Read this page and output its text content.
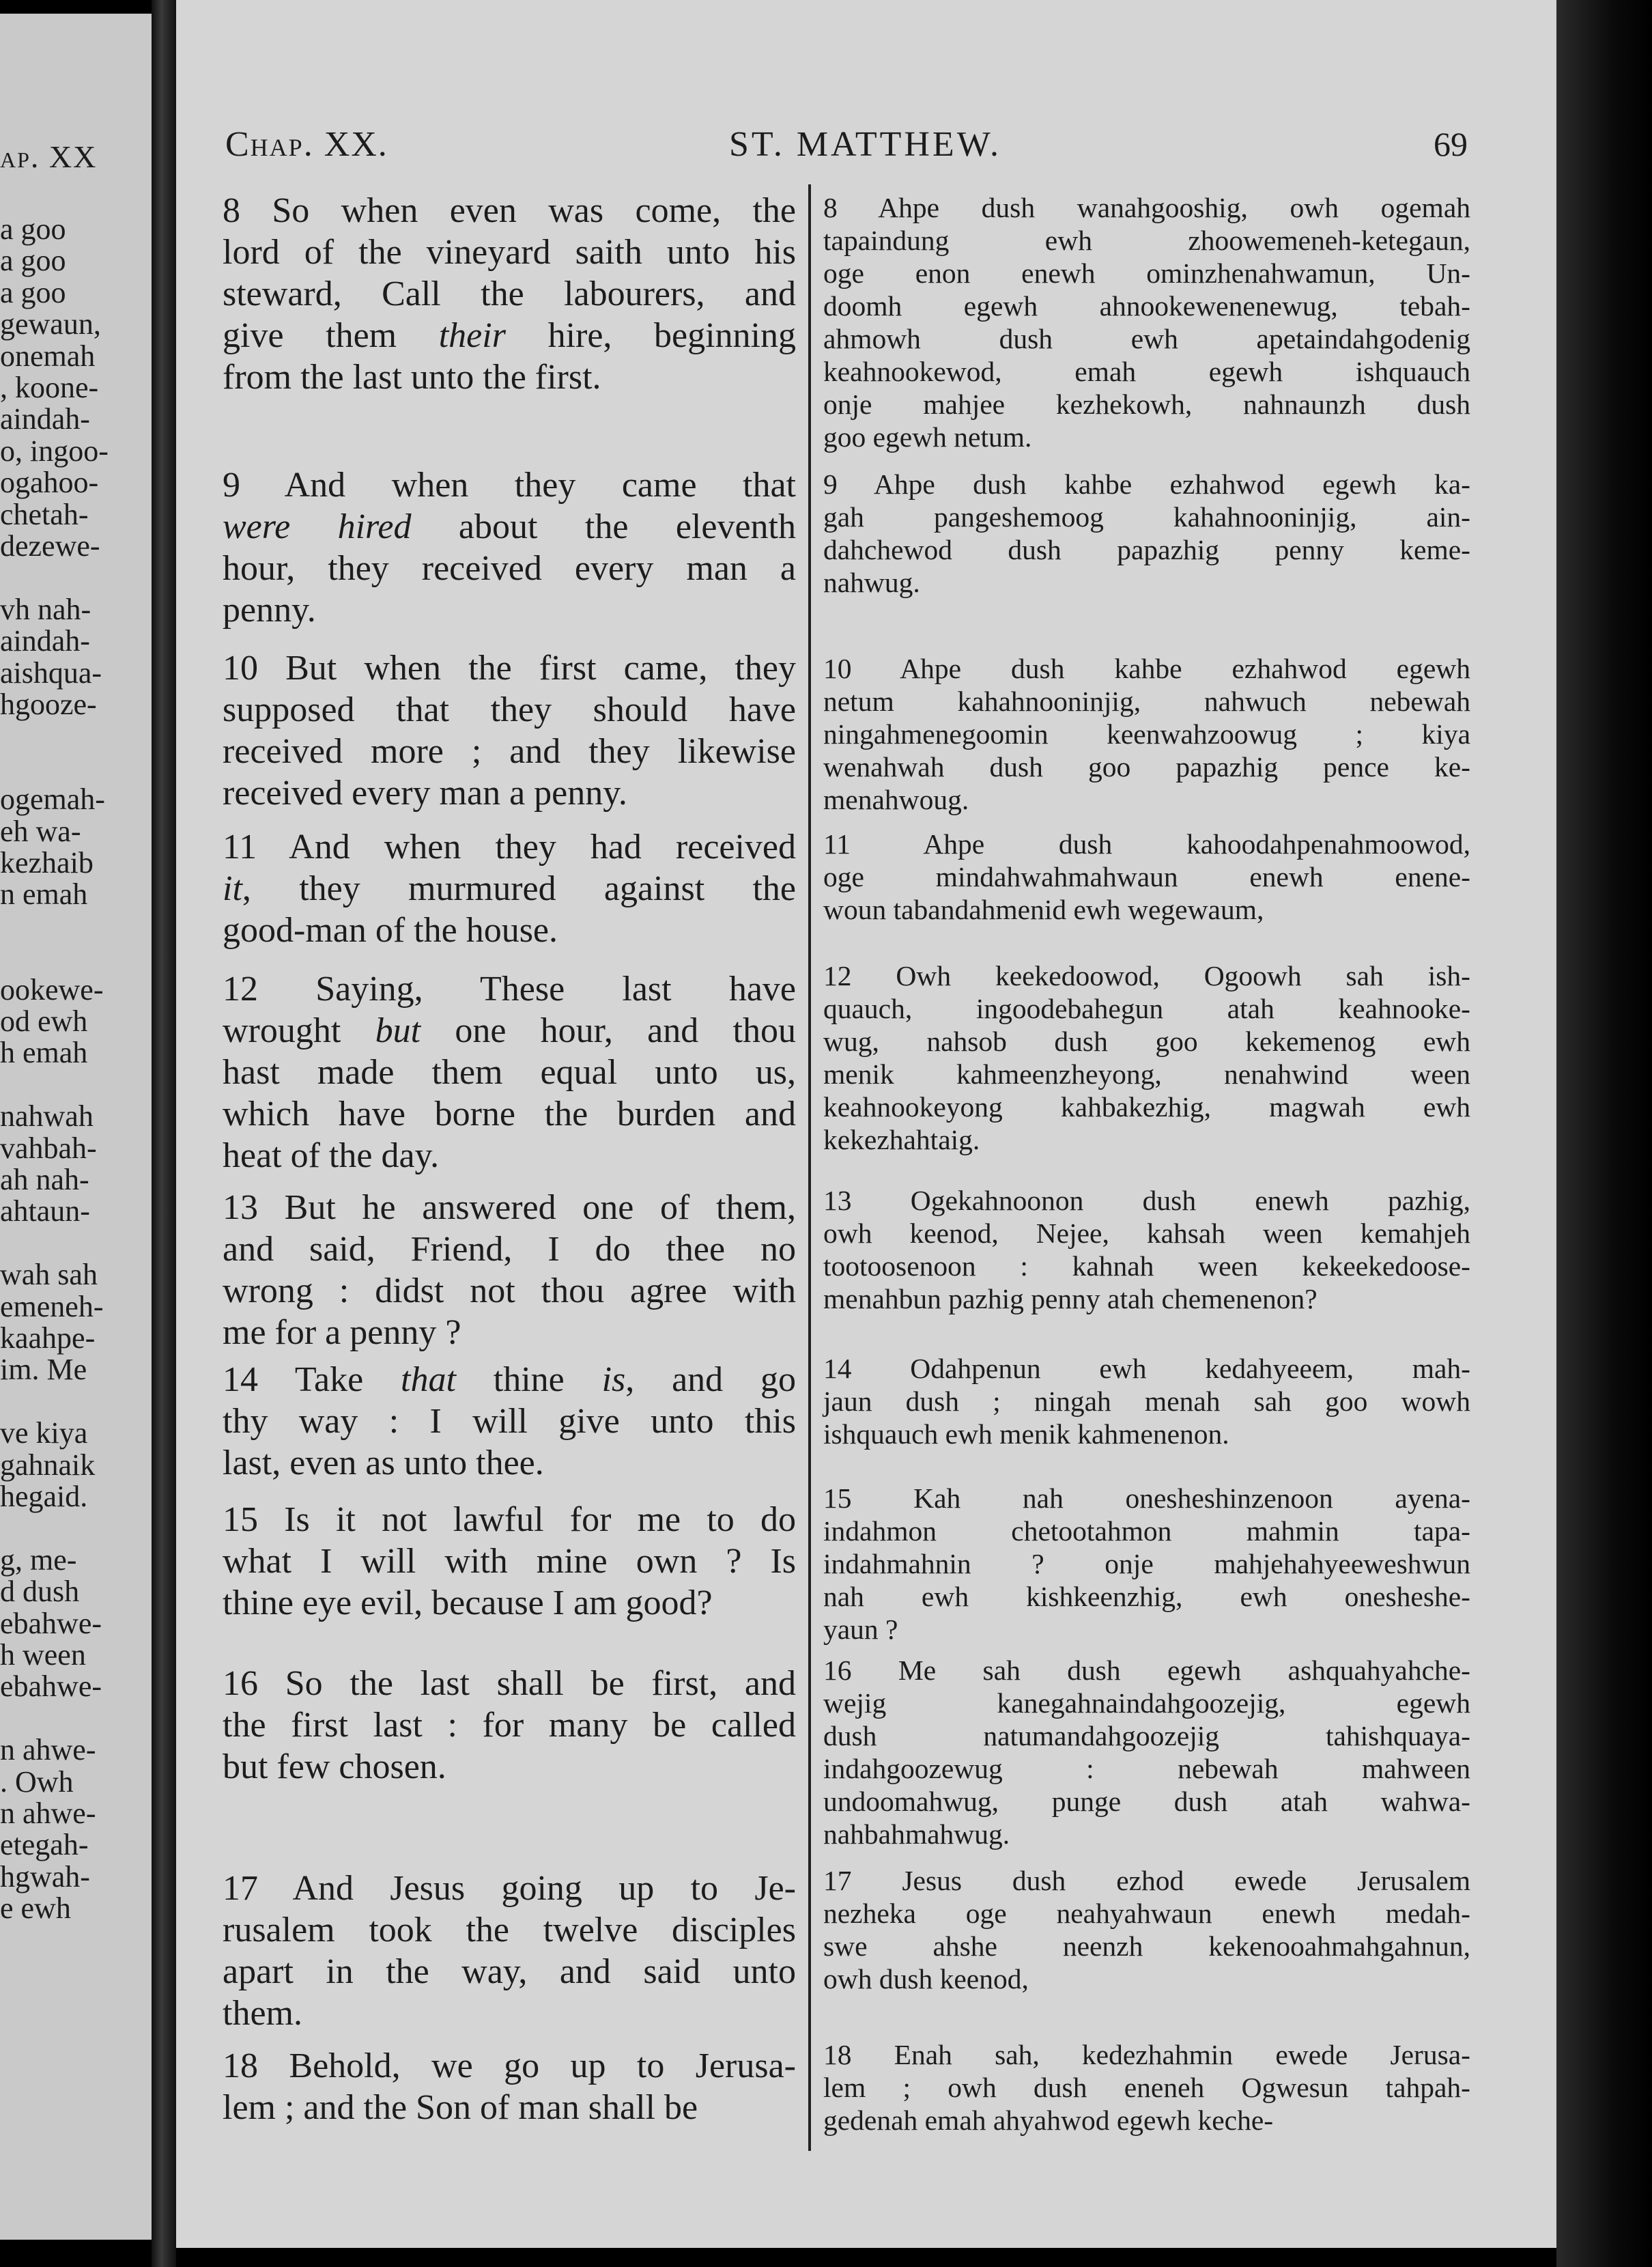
ap. XX
a goo
a goo
a goo
gewaun,
onemah
, koone-
aindah-
o, ingoo-
ogahoo-
chetah-
dezewe-
vh nah-
aindah-
aishqua-
hgooze-
ogemah-
eh wa-
kezhaib
n emah
ookewe-
od ewh
h emah
nahwah
vahbah-
ah nah-
ahtaun-
wah sah
emeneh-
kaahpe-
im. Me
ve kiya
gahnaik
hegaid.
g, me-
d dush
ebahwe-
h ween
ebahwe-
n ahwe-
. Owh
n ahwe-
etegah-
hgwah-
e ewh
Chap. XX.	ST. MATTHEW.	69
8 So when even was come, the
lord of the vineyard saith unto his
steward, Call the labourers, and
give them their hire, beginning
from the last unto the first.
9 And when they came that
were hired about the eleventh
hour, they received every man a
penny.
10 But when the first came, they
supposed that they should have
received more ; and they likewise
received every man a penny.
11 And when they had received
it, they murmured against the
good-man of the house.
12 Saying, These last have
wrought but one hour, and thou
hast made them equal unto us,
which have borne the burden and
heat of the day.
13 But he answered one of them,
and said, Friend, I do thee no
wrong : didst not thou agree with
me for a penny ?
14 Take that thine is, and go
thy way : I will give unto this
last, even as unto thee.
15 Is it not lawful for me to do
what I will with mine own ? Is
thine eye evil, because I am good?
16 So the last shall be first, and
the first last : for many be called
but few chosen.
17 And Jesus going up to Je-
rusalem took the twelve disciples
apart in the way, and said unto
them.
18 Behold, we go up to Jerusa-
lem ; and the Son of man shall be
8 Ahpe dush wanahgooshig, owh ogemah
tapaindung ewh zhoowemeneh-ketegaun,
oge enon enewh ominzhenahwamun, Un-
doomh egewh ahnookewenenewug, tebah-
ahmowh dush ewh apetaindahgodenig
keahnookewod, emah egewh ishquauch
onje mahjee kezhekowh, nahnaunzh dush
goo egewh netum.
9 Ahpe dush kahbe ezhahwod egewh ka-
gah pangeshemoog kahahnooninjig, ain-
dahchewod dush papazhig penny keme-
nahwug.
10 Ahpe dush kahbe ezhahwod egewh
netum kahahnooninjig, nahwuch nebewah
ningahmenegoomin keenwahzoowug ; kiya
wenahwah dush goo papazhig pence ke-
menahwoug.
11 Ahpe dush kahoodahpenahmoowod,
oge mindahwahmahwaun enewh enene-
woun tabandahmenid ewh wegewaum,
12 Owh keekedoowod, Ogoowh sah ish-
quauch, ingoodebahegun atah keahnooke-
wug, nahsob dush goo kekemenog ewh
menik kahmeenzheyong, nenahwind ween
keahnookeyong kahbakezhig, magwah ewh
kekezhahtaig.
13 Ogekahnoonon dush enewh pazhig,
owh keenod, Nejee, kahsah ween kemahjeh
tootoosenoon : kahnah ween kekeekedoose-
menahbun pazhig penny atah chemenenon?
14 Odahpenun ewh kedahyeeem, mah-
jaun dush ; ningah menah sah goo wowh
ishquauch ewh menik kahmenenon.
15 Kah nah onesheshinzenoon ayena-
indahmon chetootahmon mahmin tapa-
indahmahnin ? onje mahjehahyeeweshwun
nah ewh kishkeenzhig, ewh onesheshe-
yaun ?
16 Me sah dush egewh ashquahyahche-
wejig kanegahnaindahgoozejig, egewh
dush natumandahgoozejig tahishquaya-
indahgoozewug : nebewah mahween
undoomahwug, punge dush atah wahwa-
nahbahmahwug.
17 Jesus dush ezhod ewede Jerusalem
nezheka oge neahyahwaun enewh medah-
swe ahshe neenzh kekenooahmahgahnun,
owh dush keenod,
18 Enah sah, kedezhahmin ewede Jerusa-
lem ; owh dush eneneh Ogwesun tahpah-
gedenah emah ahyahwod egewh keche-
